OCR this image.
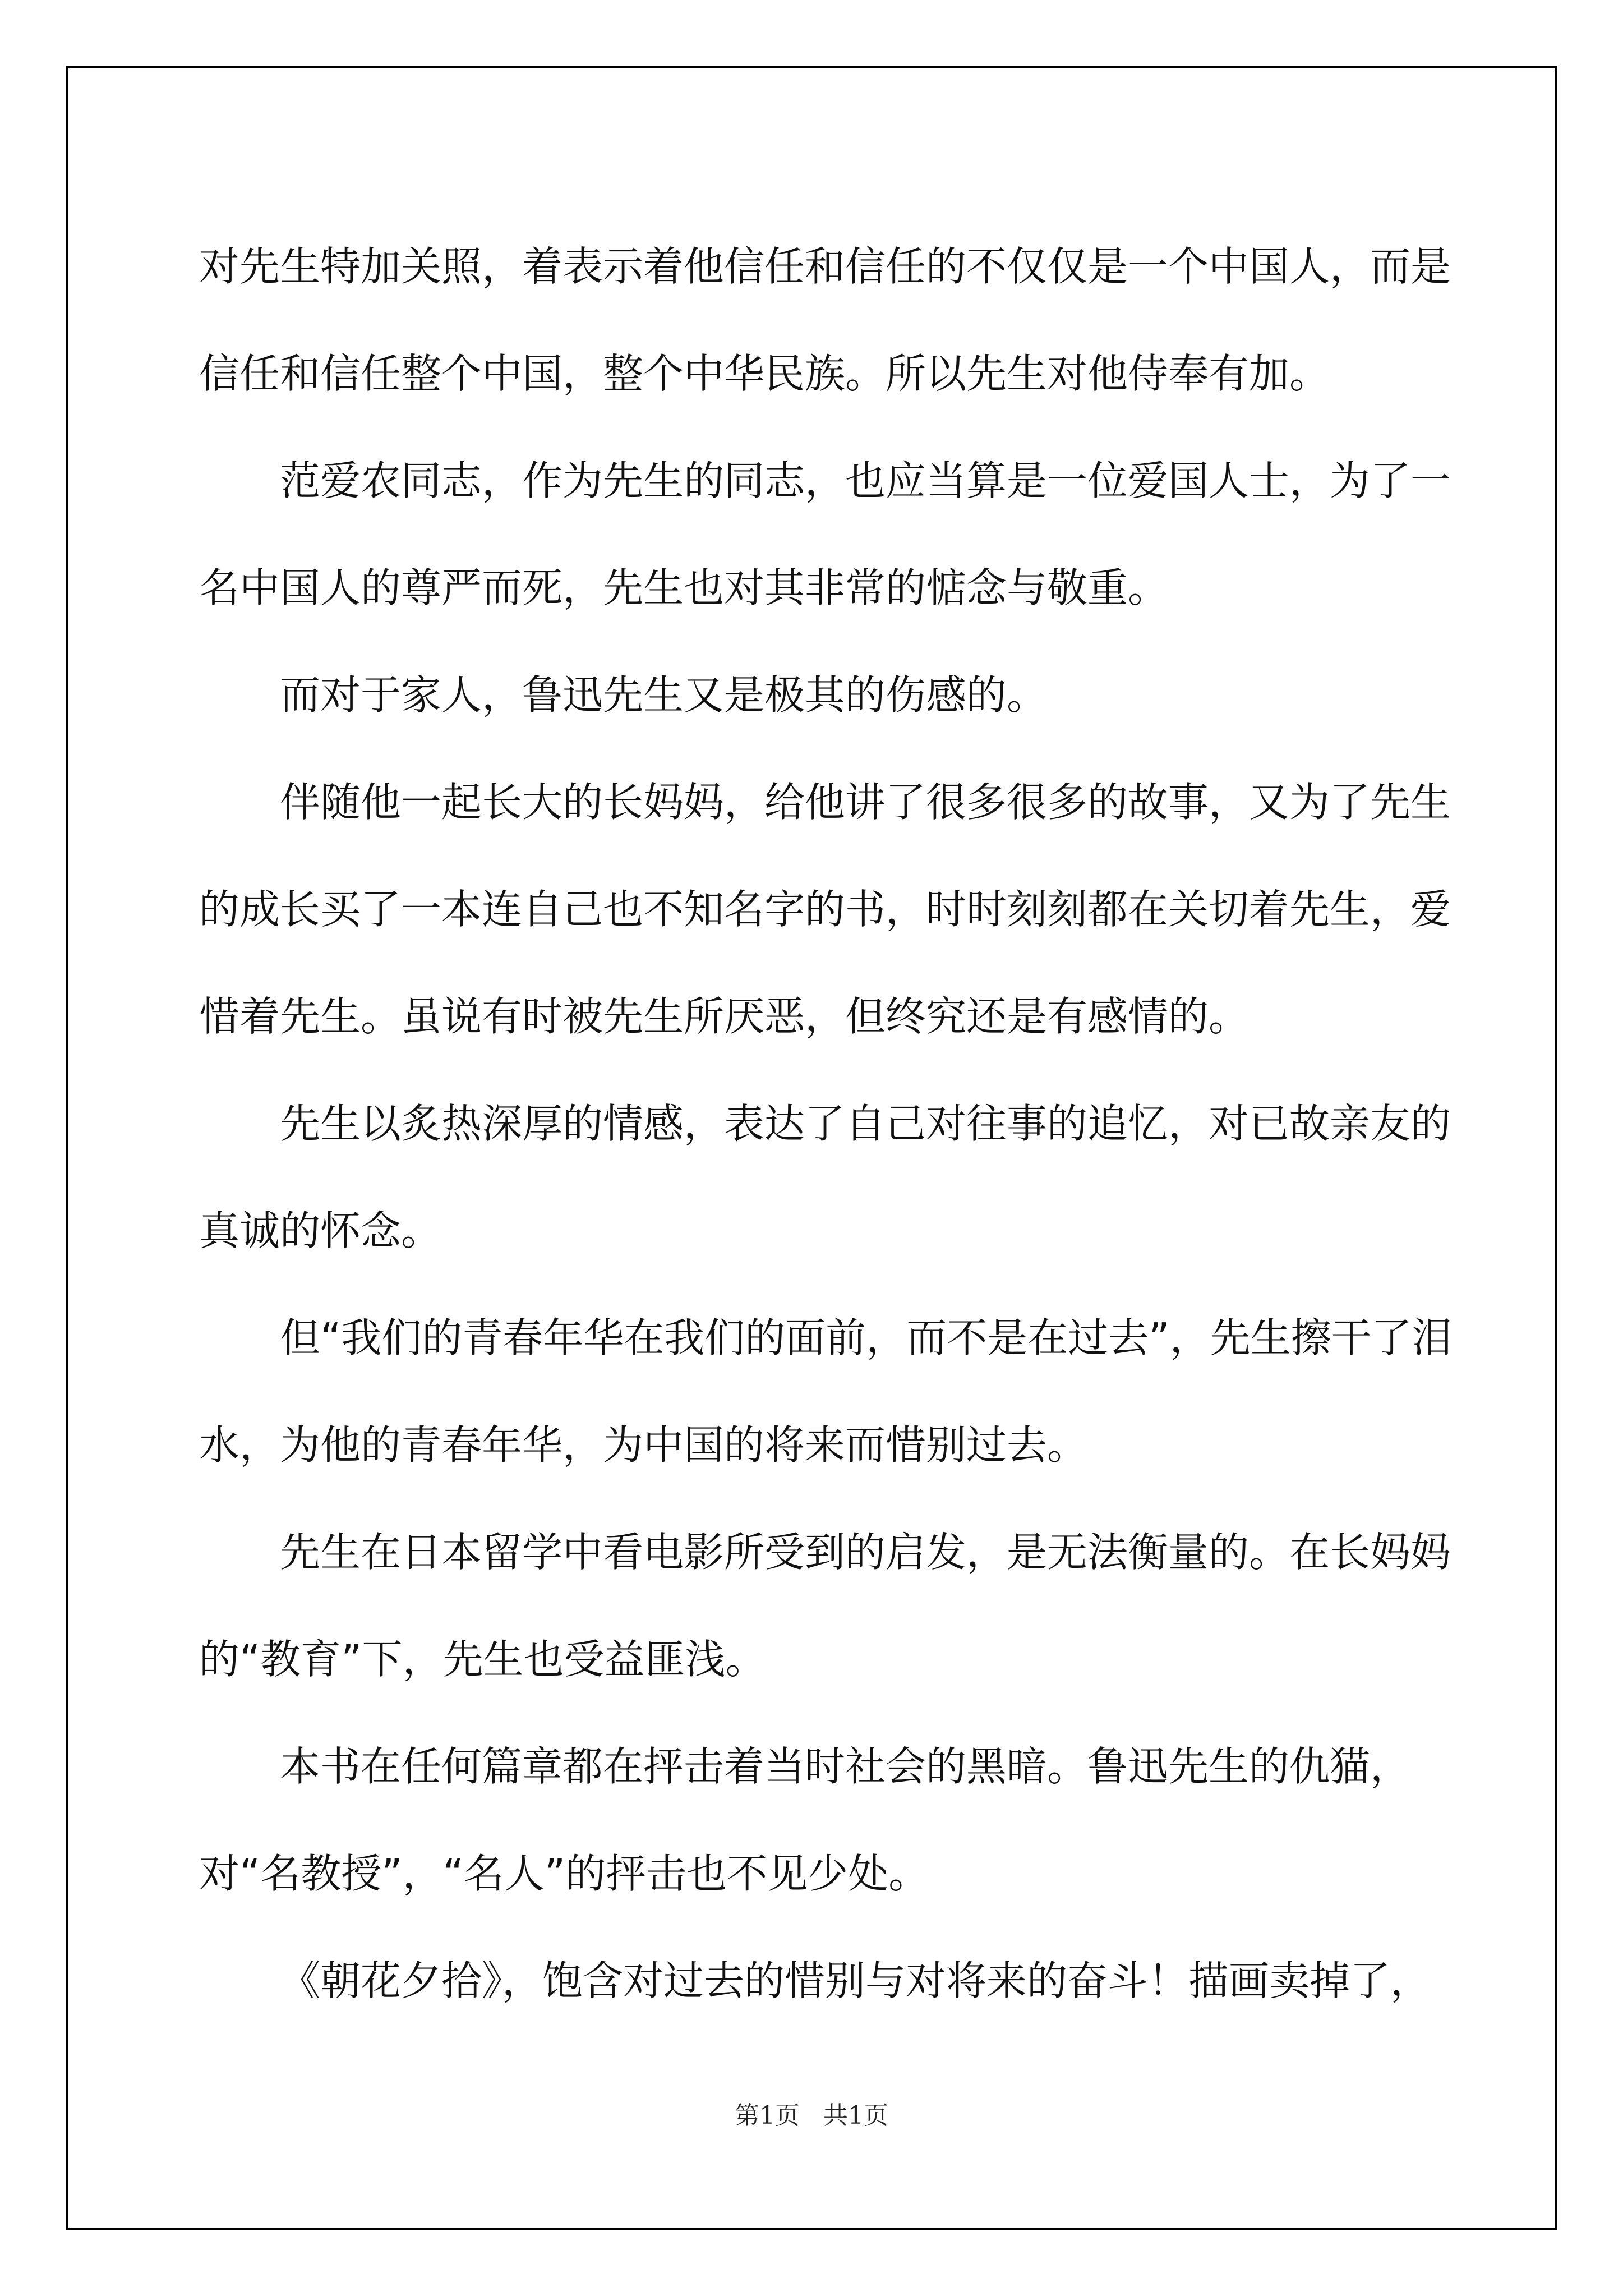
对先生特加关照，着表示着他信任和信任的不仅仅是一个中国人，而是信任和信任整个中国，整个中华民族。所以先生对他侍奉有加。

范爱农同志，作为先生的同志，也应当算是一位爱国人士，为了一名中国人的尊严而死，先生也对其非常的惦念与敬重。

而对于家人，鲁迅先生又是极其的伤感的。

伴随他一起长大的长妈妈，给他讲了很多很多的故事，又为了先生的成长买了一本连自己也不知名字的书，时时刻刻都在关切着先生，爱惜着先生。虽说有时被先生所厌恶，但终究还是有感情的。

先生以炙热深厚的情感，表达了自己对往事的追忆，对已故亲友的真诚的怀念。

但“我们的青春年华在我们的面前，而不是在过去”，先生擦干了泪水，为他的青春年华，为中国的将来而惜别过去。

先生在日本留学中看电影所受到的启发，是无法衡量的。在长妈妈的“教育”下，先生也受益匪浅。

本书在任何篇章都在抨击着当时社会的黑暗。鲁迅先生的仇猫，对“名教授”，“名人”的抨击也不见少处。

《朝花夕拾》，饱含对过去的惜别与对将来的奋斗！描画卖掉了，

第1页   共1页
